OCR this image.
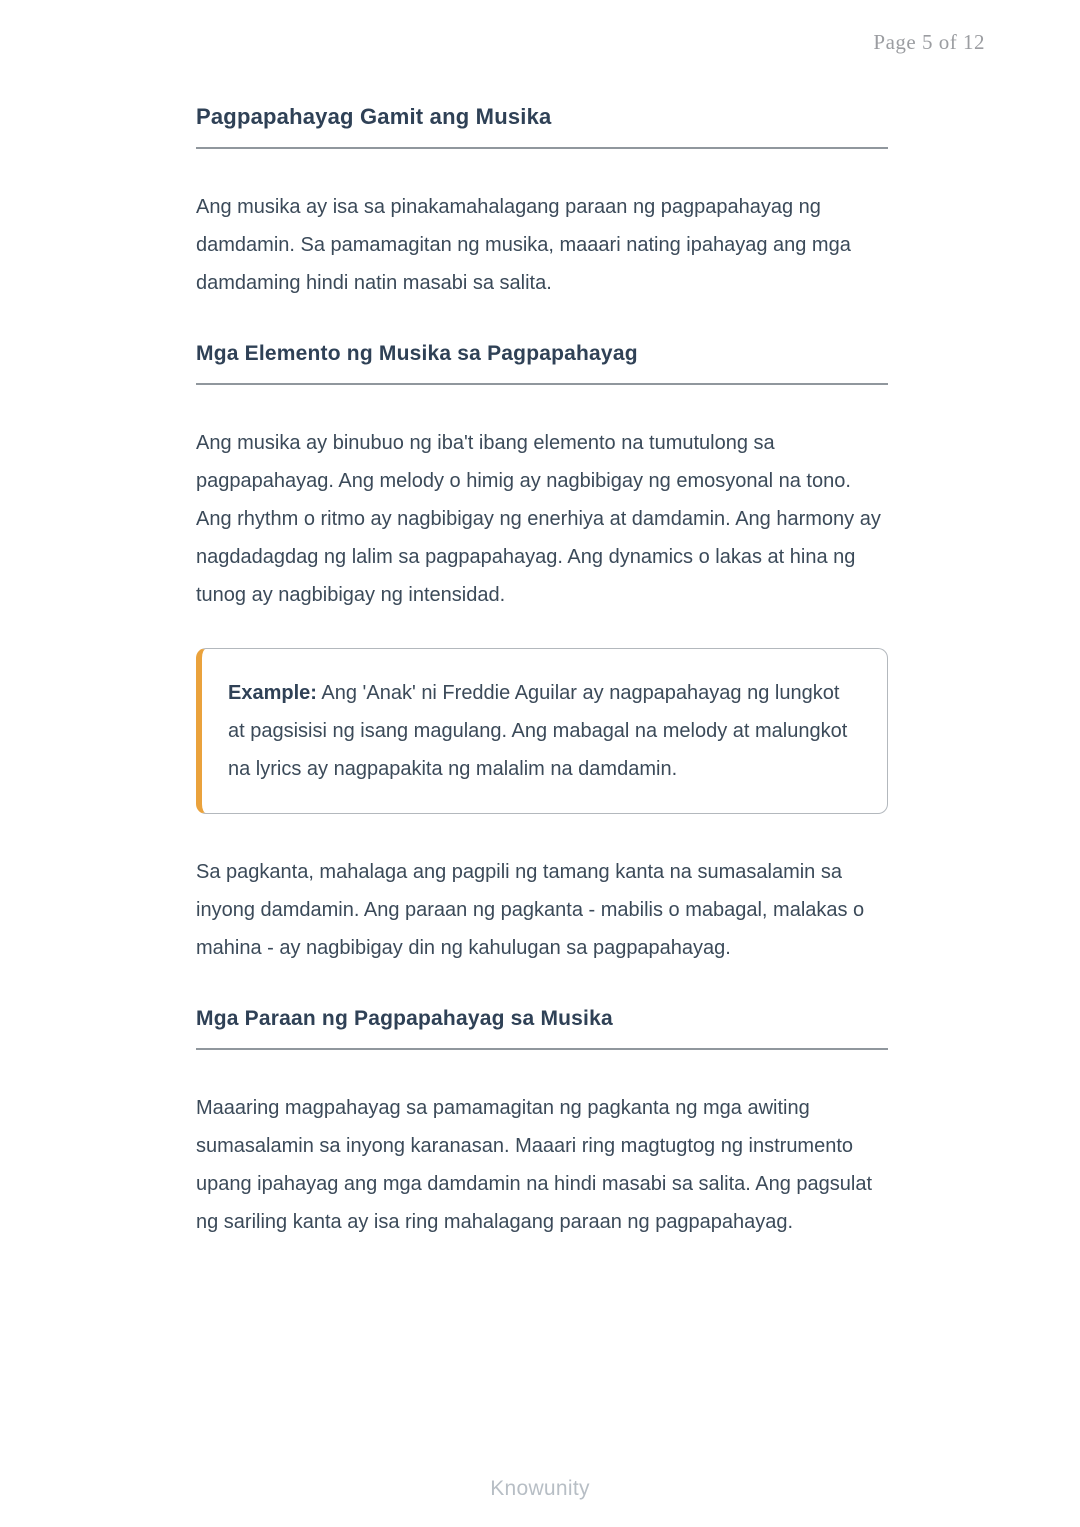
Page 5 of 12
Pagpapahayag Gamit ang Musika

Ang musika ay isa sa pinakamahalagang paraan ng pagpapahayag ng damdamin. Sa pamamagitan ng musika, maaari nating ipahayag ang mga damdaming hindi natin masabi sa salita.

Mga Elemento ng Musika sa Pagpapahayag

Ang musika ay binubuo ng iba't ibang elemento na tumutulong sa pagpapahayag. Ang melody o himig ay nagbibigay ng emosyonal na tono. Ang rhythm o ritmo ay nagbibigay ng enerhiya at damdamin. Ang harmony ay nagdadagdag ng lalim sa pagpapahayag. Ang dynamics o lakas at hina ng tunog ay nagbibigay ng intensidad.

Example: Ang 'Anak' ni Freddie Aguilar ay nagpapahayag ng lungkot at pagsisisi ng isang magulang. Ang mabagal na melody at malungkot na lyrics ay nagpapakita ng malalim na damdamin.

Sa pagkanta, mahalaga ang pagpili ng tamang kanta na sumasalamin sa inyong damdamin. Ang paraan ng pagkanta - mabilis o mabagal, malakas o mahina - ay nagbibigay din ng kahulugan sa pagpapahayag.

Mga Paraan ng Pagpapahayag sa Musika

Maaaring magpahayag sa pamamagitan ng pagkanta ng mga awiting sumasalamin sa inyong karanasan. Maaari ring magtugtog ng instrumento upang ipahayag ang mga damdamin na hindi masabi sa salita. Ang pagsulat ng sariling kanta ay isa ring mahalagang paraan ng pagpapahayag.

Knowunity
